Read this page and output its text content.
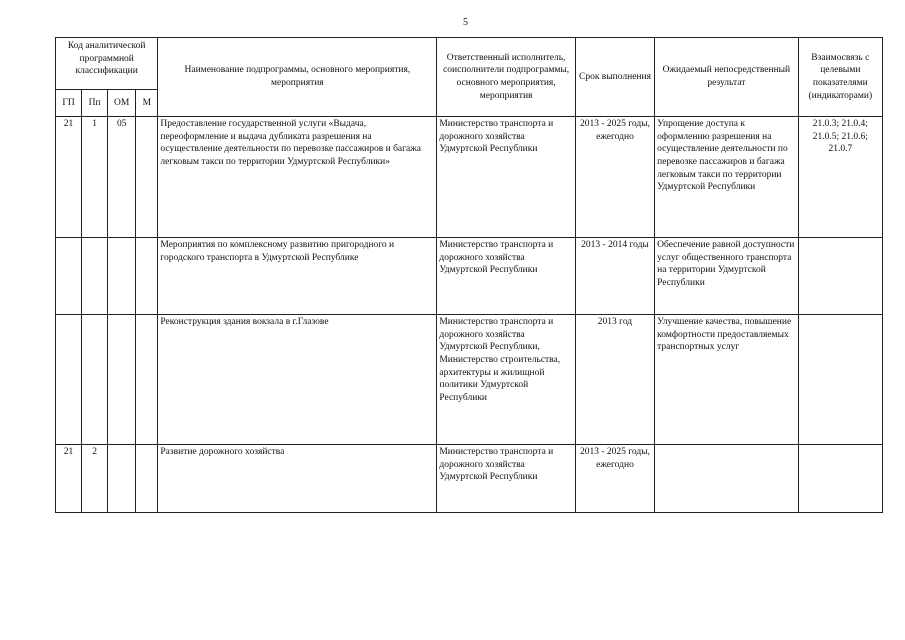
5
Код аналитической программной классификации				Наименование подпрограммы, основного мероприятия, мероприятия	Ответственный исполнитель, соисполнители подпрограммы, основного мероприятия, мероприятия	Срок выполнения	Ожидаемый непосредственный результат	Взаимосвязь с целевыми показателями (индикаторами)
ГП	Пп	ОМ	М					
21	1	05		Предоставление государственной услуги «Выдача, переоформление и выдача дубликата разрешения на осуществление деятельности по перевозке пассажиров и багажа легковым такси по территории Удмуртской Республики»	Министерство транспорта и дорожного хозяйства Удмуртской Республики	2013 - 2025 годы, ежегодно	Упрощение доступа к оформлению разрешения на осуществление деятельности по перевозке пассажиров и багажа легковым такси по территории Удмуртской Республики	21.0.3; 21.0.4; 21.0.5; 21.0.6; 21.0.7
				Мероприятия по комплексному развитию пригородного и городского транспорта в Удмуртской Республике	Министерство транспорта и дорожного хозяйства Удмуртской Республики	2013 - 2014 годы	Обеспечение равной доступности услуг общественного транспорта на территории Удмуртской Республики	
				Реконструкция здания вокзала в г.Глазове	Министерство транспорта и дорожного хозяйства Удмуртской Республики, Министерство строительства, архитектуры и жилищной политики Удмуртской Республики	2013 год	Улучшение качества, повышение комфортности предоставляемых транспортных услуг	
21	2			Развитие дорожного хозяйства	Министерство транспорта и дорожного хозяйства Удмуртской Республики	2013 - 2025 годы, ежегодно		
